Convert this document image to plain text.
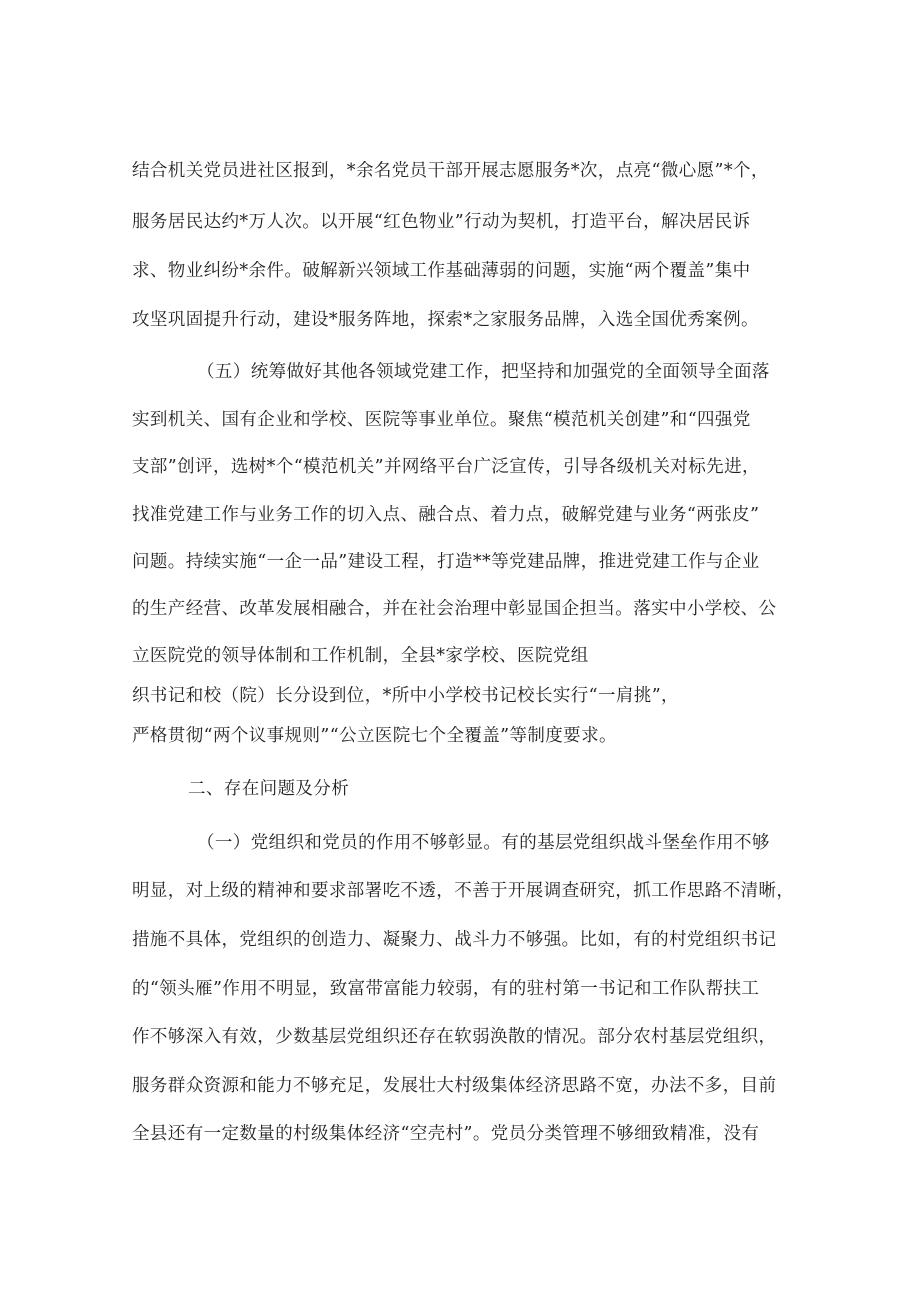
结合机关党员进社区报到，*余名党员干部开展志愿服务*次，点亮“微心愿”*个，
服务居民达约*万人次。以开展“红色物业”行动为契机，打造平台，解决居民诉
求、物业纠纷*余件。破解新兴领域工作基础薄弱的问题，实施“两个覆盖”集中
攻坚巩固提升行动，建设*服务阵地，探索*之家服务品牌，入选全国优秀案例。
（五）统筹做好其他各领域党建工作，把坚持和加强党的全面领导全面落
实到机关、国有企业和学校、医院等事业单位。聚焦“模范机关创建”和“四强党
支部”创评，选树*个“模范机关”并网络平台广泛宣传，引导各级机关对标先进，
找准党建工作与业务工作的切入点、融合点、着力点，破解党建与业务“两张皮”
问题。持续实施“一企一品”建设工程，打造**等党建品牌，推进党建工作与企业
的生产经营、改革发展相融合，并在社会治理中彰显国企担当。落实中小学校、公
立医院党的领导体制和工作机制，全县*家学校、医院党组
织书记和校（院）长分设到位，*所中小学校书记校长实行“一肩挑”，
严格贯彻“两个议事规则”“公立医院七个全覆盖”等制度要求。
二、存在问题及分析
（一）党组织和党员的作用不够彰显。有的基层党组织战斗堡垒作用不够
明显，对上级的精神和要求部署吃不透，不善于开展调查研究，抓工作思路不清晰，
措施不具体，党组织的创造力、凝聚力、战斗力不够强。比如，有的村党组织书记
的“领头雁”作用不明显，致富带富能力较弱，有的驻村第一书记和工作队帮扶工
作不够深入有效，少数基层党组织还存在软弱涣散的情况。部分农村基层党组织，
服务群众资源和能力不够充足，发展壮大村级集体经济思路不宽，办法不多，目前
全县还有一定数量的村级集体经济“空壳村”。党员分类管理不够细致精准，没有
